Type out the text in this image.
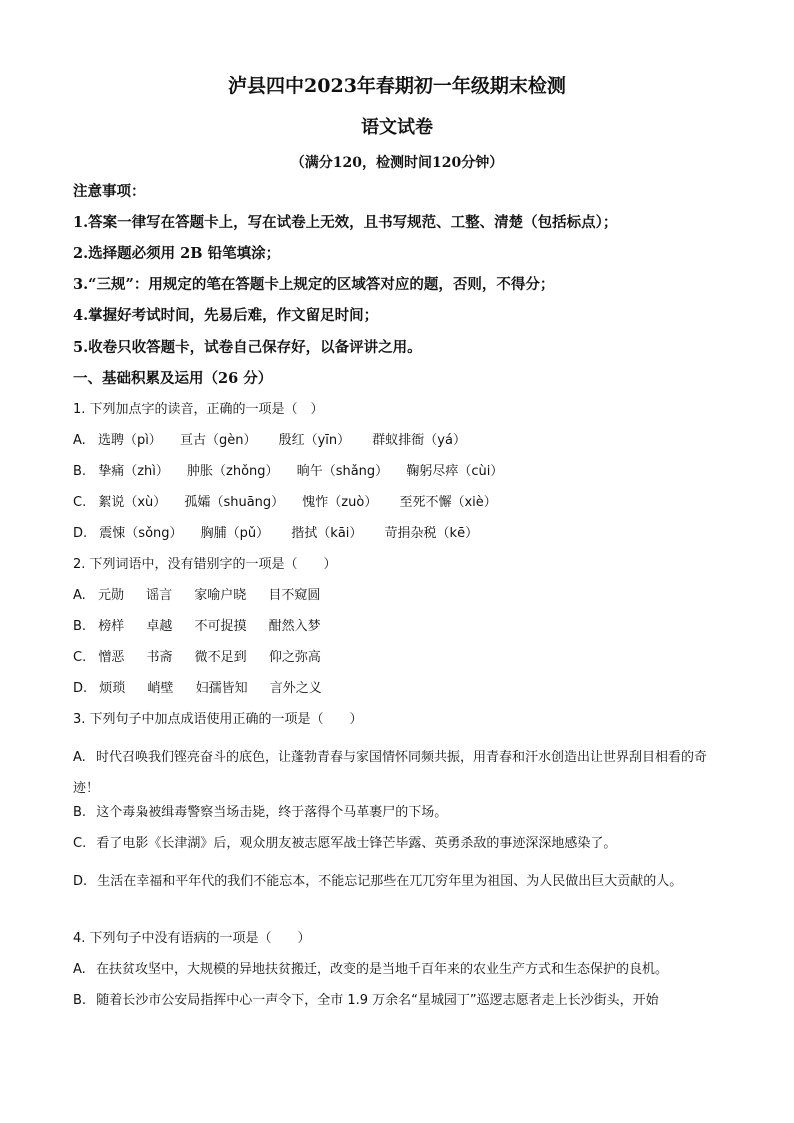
泸县四中2023年春期初一年级期末检测
语文试卷
（满分120，检测时间120分钟）
注意事项：
1.答案一律写在答题卡上，写在试卷上无效，且书写规范、工整、清楚（包括标点）；
2.选择题必须用 2B 铅笔填涂；
3.“三规”：用规定的笔在答题卡上规定的区域答对应的题，否则，不得分；
4.掌握好考试时间，先易后难，作文留足时间；
5.收卷只收答题卡，试卷自己保存好，以备评讲之用。
一、基础积累及运用（26 分）
1. 下列加点字的读音，正确的一项是（　）
A. 选聘（pì） 亘古（gèn） 殷红（yīn） 群蚁排衙（yá）
B. 挚痛（zhì） 肿胀（zhǒng） 晌午（shǎng） 鞠躬尽瘁（cùi）
C. 絮说（xù） 孤孀（shuāng） 愧怍（zuò） 至死不懈（xiè）
D. 震悚（sǒng） 胸脯（pǔ） 揩拭（kāi） 苛捐杂税（kē）
2. 下列词语中，没有错别字的一项是（　　）
A. 元勋 谣言 家喻户晓 目不窥圆
B. 榜样 卓越 不可捉摸 酣然入梦
C. 憎恶 书斋 微不足到 仰之弥高
D. 烦琐 峭壁 妇孺皆知 言外之义
3. 下列句子中加点成语使用正确的一项是（　　）
A. 时代召唤我们铿亮奋斗的底色，让蓬勃青春与家国情怀同频共振，用青春和汗水创造出让世界刮目相看的奇迹！
B. 这个毒枭被缉毒警察当场击毙，终于落得个马革裹尸的下场。
C. 看了电影《长津湖》后，观众朋友被志愿军战士锋芒毕露、英勇杀敌的事迹深深地感染了。
D. 生活在幸福和平年代的我们不能忘本，不能忘记那些在兀兀穷年里为祖国、为人民做出巨大贡献的人。
4. 下列句子中没有语病的一项是（　　）
A. 在扶贫攻坚中，大规模的异地扶贫搬迁，改变的是当地千百年来的农业生产方式和生态保护的良机。
B. 随着长沙市公安局指挥中心一声令下，全市 1.9 万余名“星城园丁”巡逻志愿者走上长沙街头，开始
